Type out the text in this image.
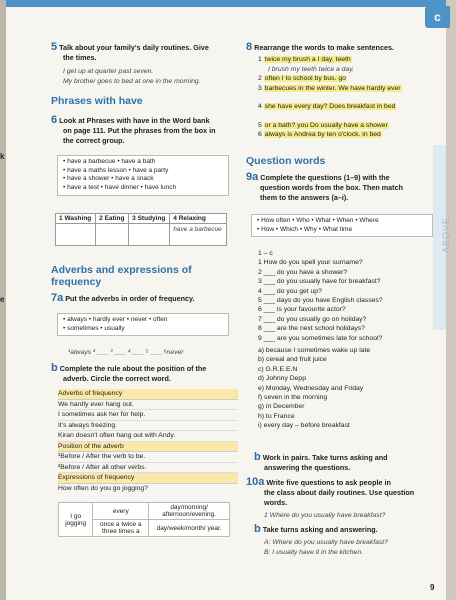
k
e
c
ABOVE
5 Talk about your family's daily routines. Give
the times.
I get up at quarter past seven.
My brother goes to bed at one in the morning.
Phrases with have
6 Look at Phrases with have in the Word bank
on page 111. Put the phrases from the box in
the correct group.
• have a barbecue • have a bath
• have a maths lesson • have a party
• have a shower • have a snack
• have a test • have dinner • have lunch
1 Washing	2 Eating	3 Studying	4 Relaxing
			have a barbecue
Adverbs and expressions of
frequency
7a Put the adverbs in order of frequency.
• always • hardly ever • never • often
• sometimes • usually
¹always ² ___ ³ ___ ⁴ ___ ⁵ ___ ⁶never
b Complete the rule about the position of the
adverb. Circle the correct word.
Adverbs of frequency
We hardly ever hang out.
I sometimes ask her for help.
It's always freezing.
Kiran doesn't often hang out with Andy.
Position of the adverb
¹Before / After the verb to be.
²Before / After all other verbs.
Expressions of frequency
How often do you go jogging?
I go jogging	every	day/morning/ afternoon/evening.
	once a twice a three times a	day/week/month/ year.
8 Rearrange the words to make sentences.
1 twice my brush a I day. teeth
I brush my teeth twice a day.
2 often I to school by bus. go
3 barbecues in the winter. We have hardly ever
4 she have every day? Does breakfast in bed
5 or a bath? you Do usually have a shower
6 always is Andrea by ten o'clock. in bed
Question words
9a Complete the questions (1–9) with the
question words from the box. Then match
them to the answers (a–i).
• How often • Who • What • When • Where
• How • Which • Why • What time
1 – c
1 How do you spell your surname?
2 ___ do you have a shower?
3 ___ do you usually have for breakfast?
4 ___ do you get up?
5 ___ days do you have English classes?
6 ___ is your favourite actor?
7 ___ do you usually go on holiday?
8 ___ are the next school holidays?
9 ___ are you sometimes late for school?
a) because I sometimes wake up late
b) cereal and fruit juice
c) G.R.E.E.N
d) Johnny Depp
e) Monday, Wednesday and Friday
f) seven in the morning
g) in December
h) to France
i) every day – before breakfast
b Work in pairs. Take turns asking and
answering the questions.
10a Write five questions to ask people in
the class about daily routines. Use question
words.
1 Where do you usually have breakfast?
b Take turns asking and answering.
A: Where do you usually have breakfast?
B: I usually have it in the kitchen.
9
